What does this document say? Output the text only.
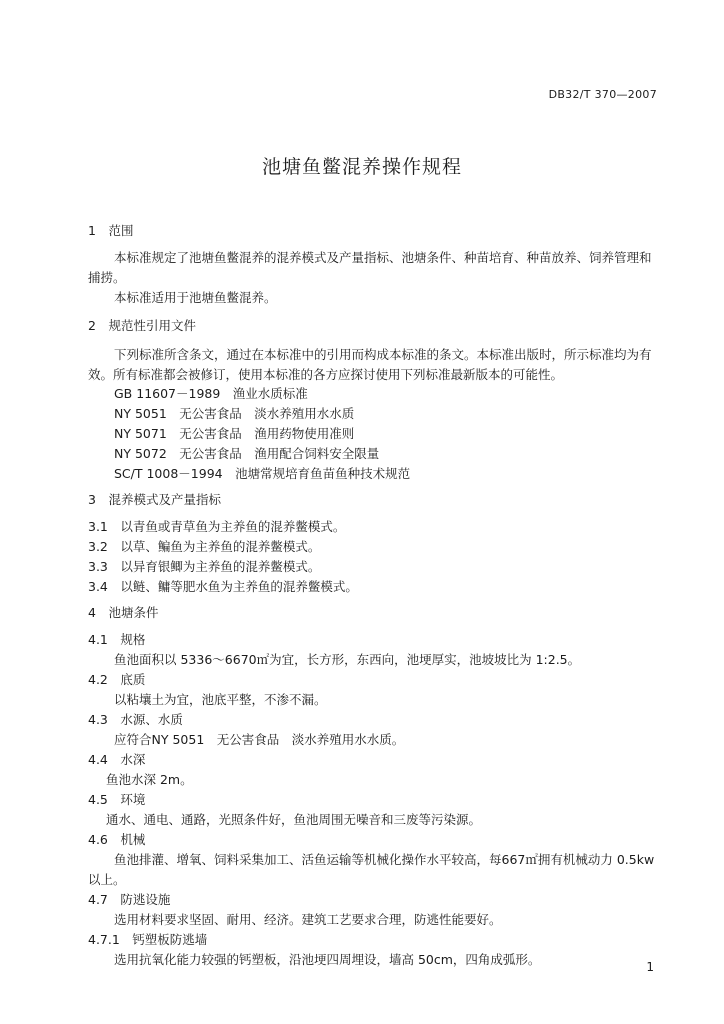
DB32/T 370—2007
池塘鱼鳖混养操作规程
1　范围
本标准规定了池塘鱼鳖混养的混养模式及产量指标、池塘条件、种苗培育、种苗放养、饲养管理和捕捞。
本标准适用于池塘鱼鳖混养。
2　规范性引用文件
下列标准所含条文，通过在本标准中的引用而构成本标准的条文。本标准出版时，所示标准均为有效。所有标准都会被修订，使用本标准的各方应探讨使用下列标准最新版本的可能性。
GB 11607－1989　渔业水质标准
NY 5051　无公害食品　淡水养殖用水水质
NY 5071　无公害食品　渔用药物使用准则
NY 5072　无公害食品　渔用配合饲料安全限量
SC/T 1008－1994　池塘常规培育鱼苗鱼种技术规范
3　混养模式及产量指标
3.1　以青鱼或青草鱼为主养鱼的混养鳖模式。
3.2　以草、鳊鱼为主养鱼的混养鳖模式。
3.3　以异育银鲫为主养鱼的混养鳖模式。
3.4　以鲢、鳙等肥水鱼为主养鱼的混养鳖模式。
4　池塘条件
4.1　规格
鱼池面积以 5336～6670㎡为宜，长方形，东西向，池埂厚实，池坡坡比为 1:2.5。
4.2　底质
以粘壤土为宜，池底平整，不渗不漏。
4.3　水源、水质
应符合NY 5051　无公害食品　淡水养殖用水水质。
4.4　水深
鱼池水深 2m。
4.5　环境
通水、通电、通路，光照条件好，鱼池周围无噪音和三废等污染源。
4.6　机械
鱼池排灌、增氧、饲料采集加工、活鱼运输等机械化操作水平较高，每667㎡拥有机械动力 0.5kw以上。
4.7　防逃设施
选用材料要求坚固、耐用、经济。建筑工艺要求合理，防逃性能要好。
4.7.1　钙塑板防逃墙
选用抗氧化能力较强的钙塑板，沿池埂四周埋设，墙高 50cm，四角成弧形。	1
